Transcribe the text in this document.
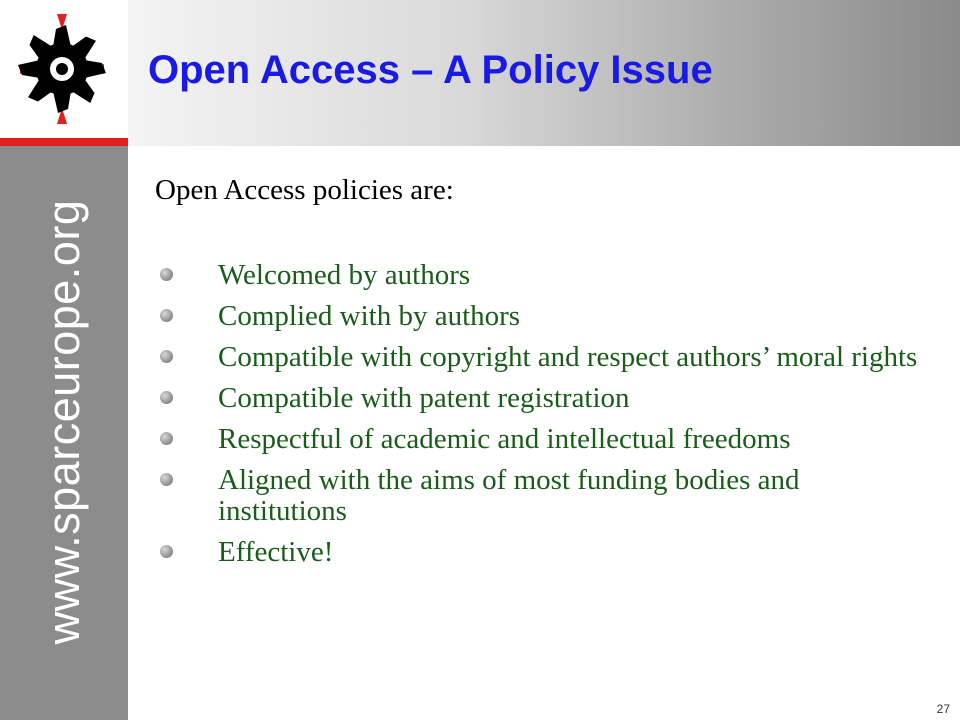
www.sparceurope.org
Open Access – A Policy Issue
Open Access policies are:
Welcomed by authors
Complied with by authors
Compatible with copyright and respect authors’ moral rights
Compatible with patent registration
Respectful of academic and intellectual freedoms
Aligned with the aims of most funding bodies and institutions
Effective!
27
